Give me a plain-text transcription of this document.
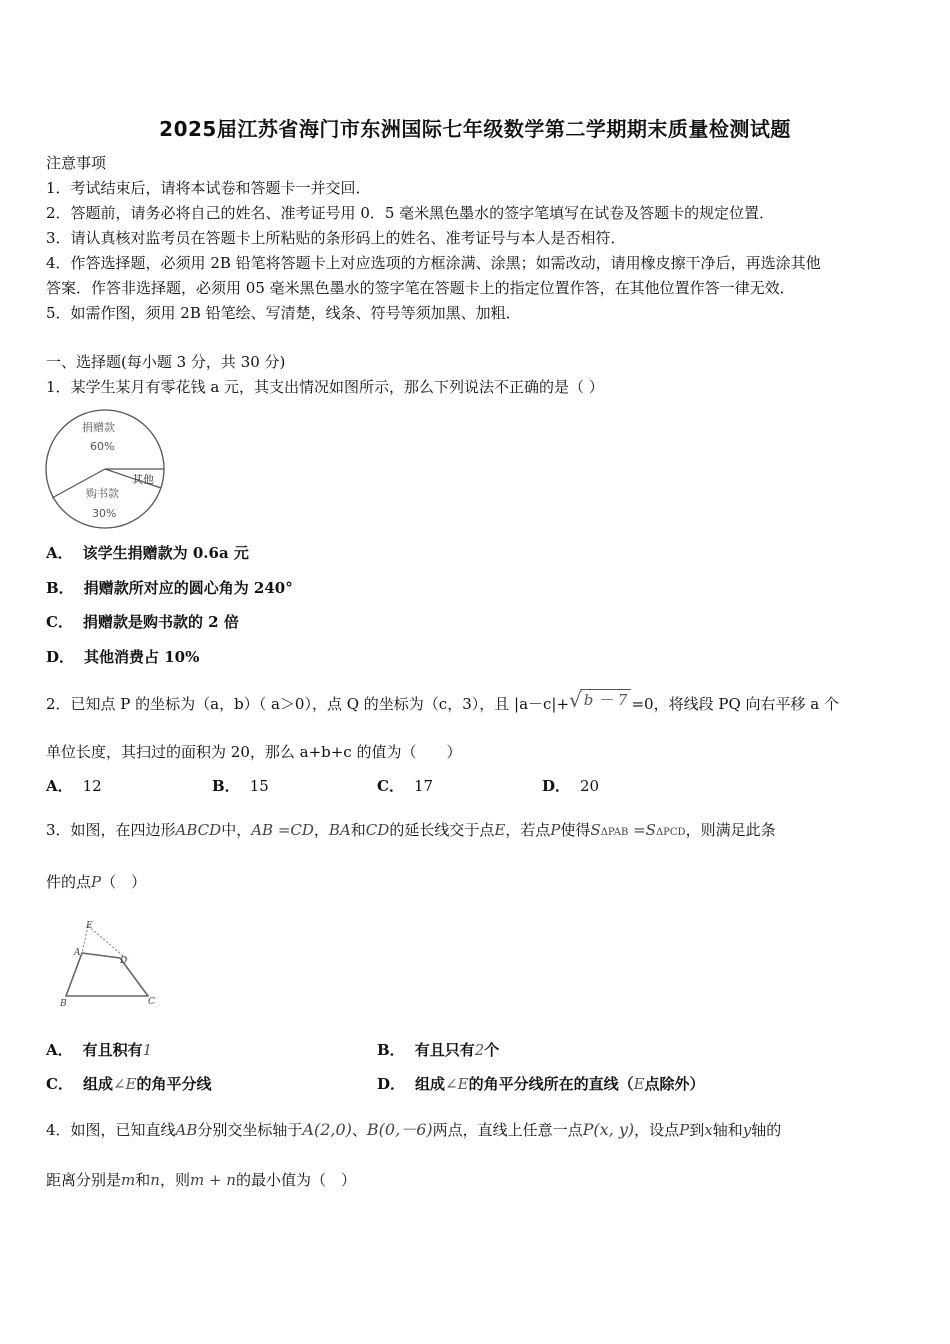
2025届江苏省海门市东洲国际七年级数学第二学期期末质量检测试题
注意事项
1．考试结束后，请将本试卷和答题卡一并交回．
2．答题前，请务必将自己的姓名、准考证号用 0．5 毫米黑色墨水的签字笔填写在试卷及答题卡的规定位置．
3．请认真核对监考员在答题卡上所粘贴的条形码上的姓名、准考证号与本人是否相符．
4．作答选择题，必须用 2B 铅笔将答题卡上对应选项的方框涂满、涂黑；如需改动，请用橡皮擦干净后，再选涂其他
答案．作答非选择题，必须用 05 毫米黑色墨水的签字笔在答题卡上的指定位置作答，在其他位置作答一律无效．
5．如需作图，须用 2B 铅笔绘、写清楚，线条、符号等须加黑、加粗．
一、选择题(每小题 3 分，共 30 分)
1．某学生某月有零花钱 a 元，其支出情况如图所示，那么下列说法不正确的是（ ）
捐赠款
60%
购书款
30%
其他
A． 该学生捐赠款为 0.6a 元
B． 捐赠款所对应的圆心角为 240°
C． 捐赠款是购书款的 2 倍
D． 其他消费占 10%
2．已知点 P 的坐标为（a，b）（ a＞0），点 Q 的坐标为（c，3），且 |a－c|+√ b － 7 =0，将线段 PQ 向右平移 a 个
单位长度，其扫过的面积为 20，那么 a+b+c 的值为（　　）
A． 12	B． 15	C． 17	D． 20
3．如图，在四边形ABCD中，AB =CD，BA和CD的延长线交于点E，若点P使得SΔPAB =SΔPCD，则满足此条
件的点P（　）
E
A
D
B	C
A． 有且积有1	B． 有且只有2个
C． 组成∠E的角平分线	D． 组成∠E的角平分线所在的直线（E点除外）
4．如图，已知直线AB分别交坐标轴于A(2,0)、B(0,－6)两点，直线上任意一点P(x, y)，设点P到x轴和y轴的
距离分别是m和n，则m + n的最小值为（　）
